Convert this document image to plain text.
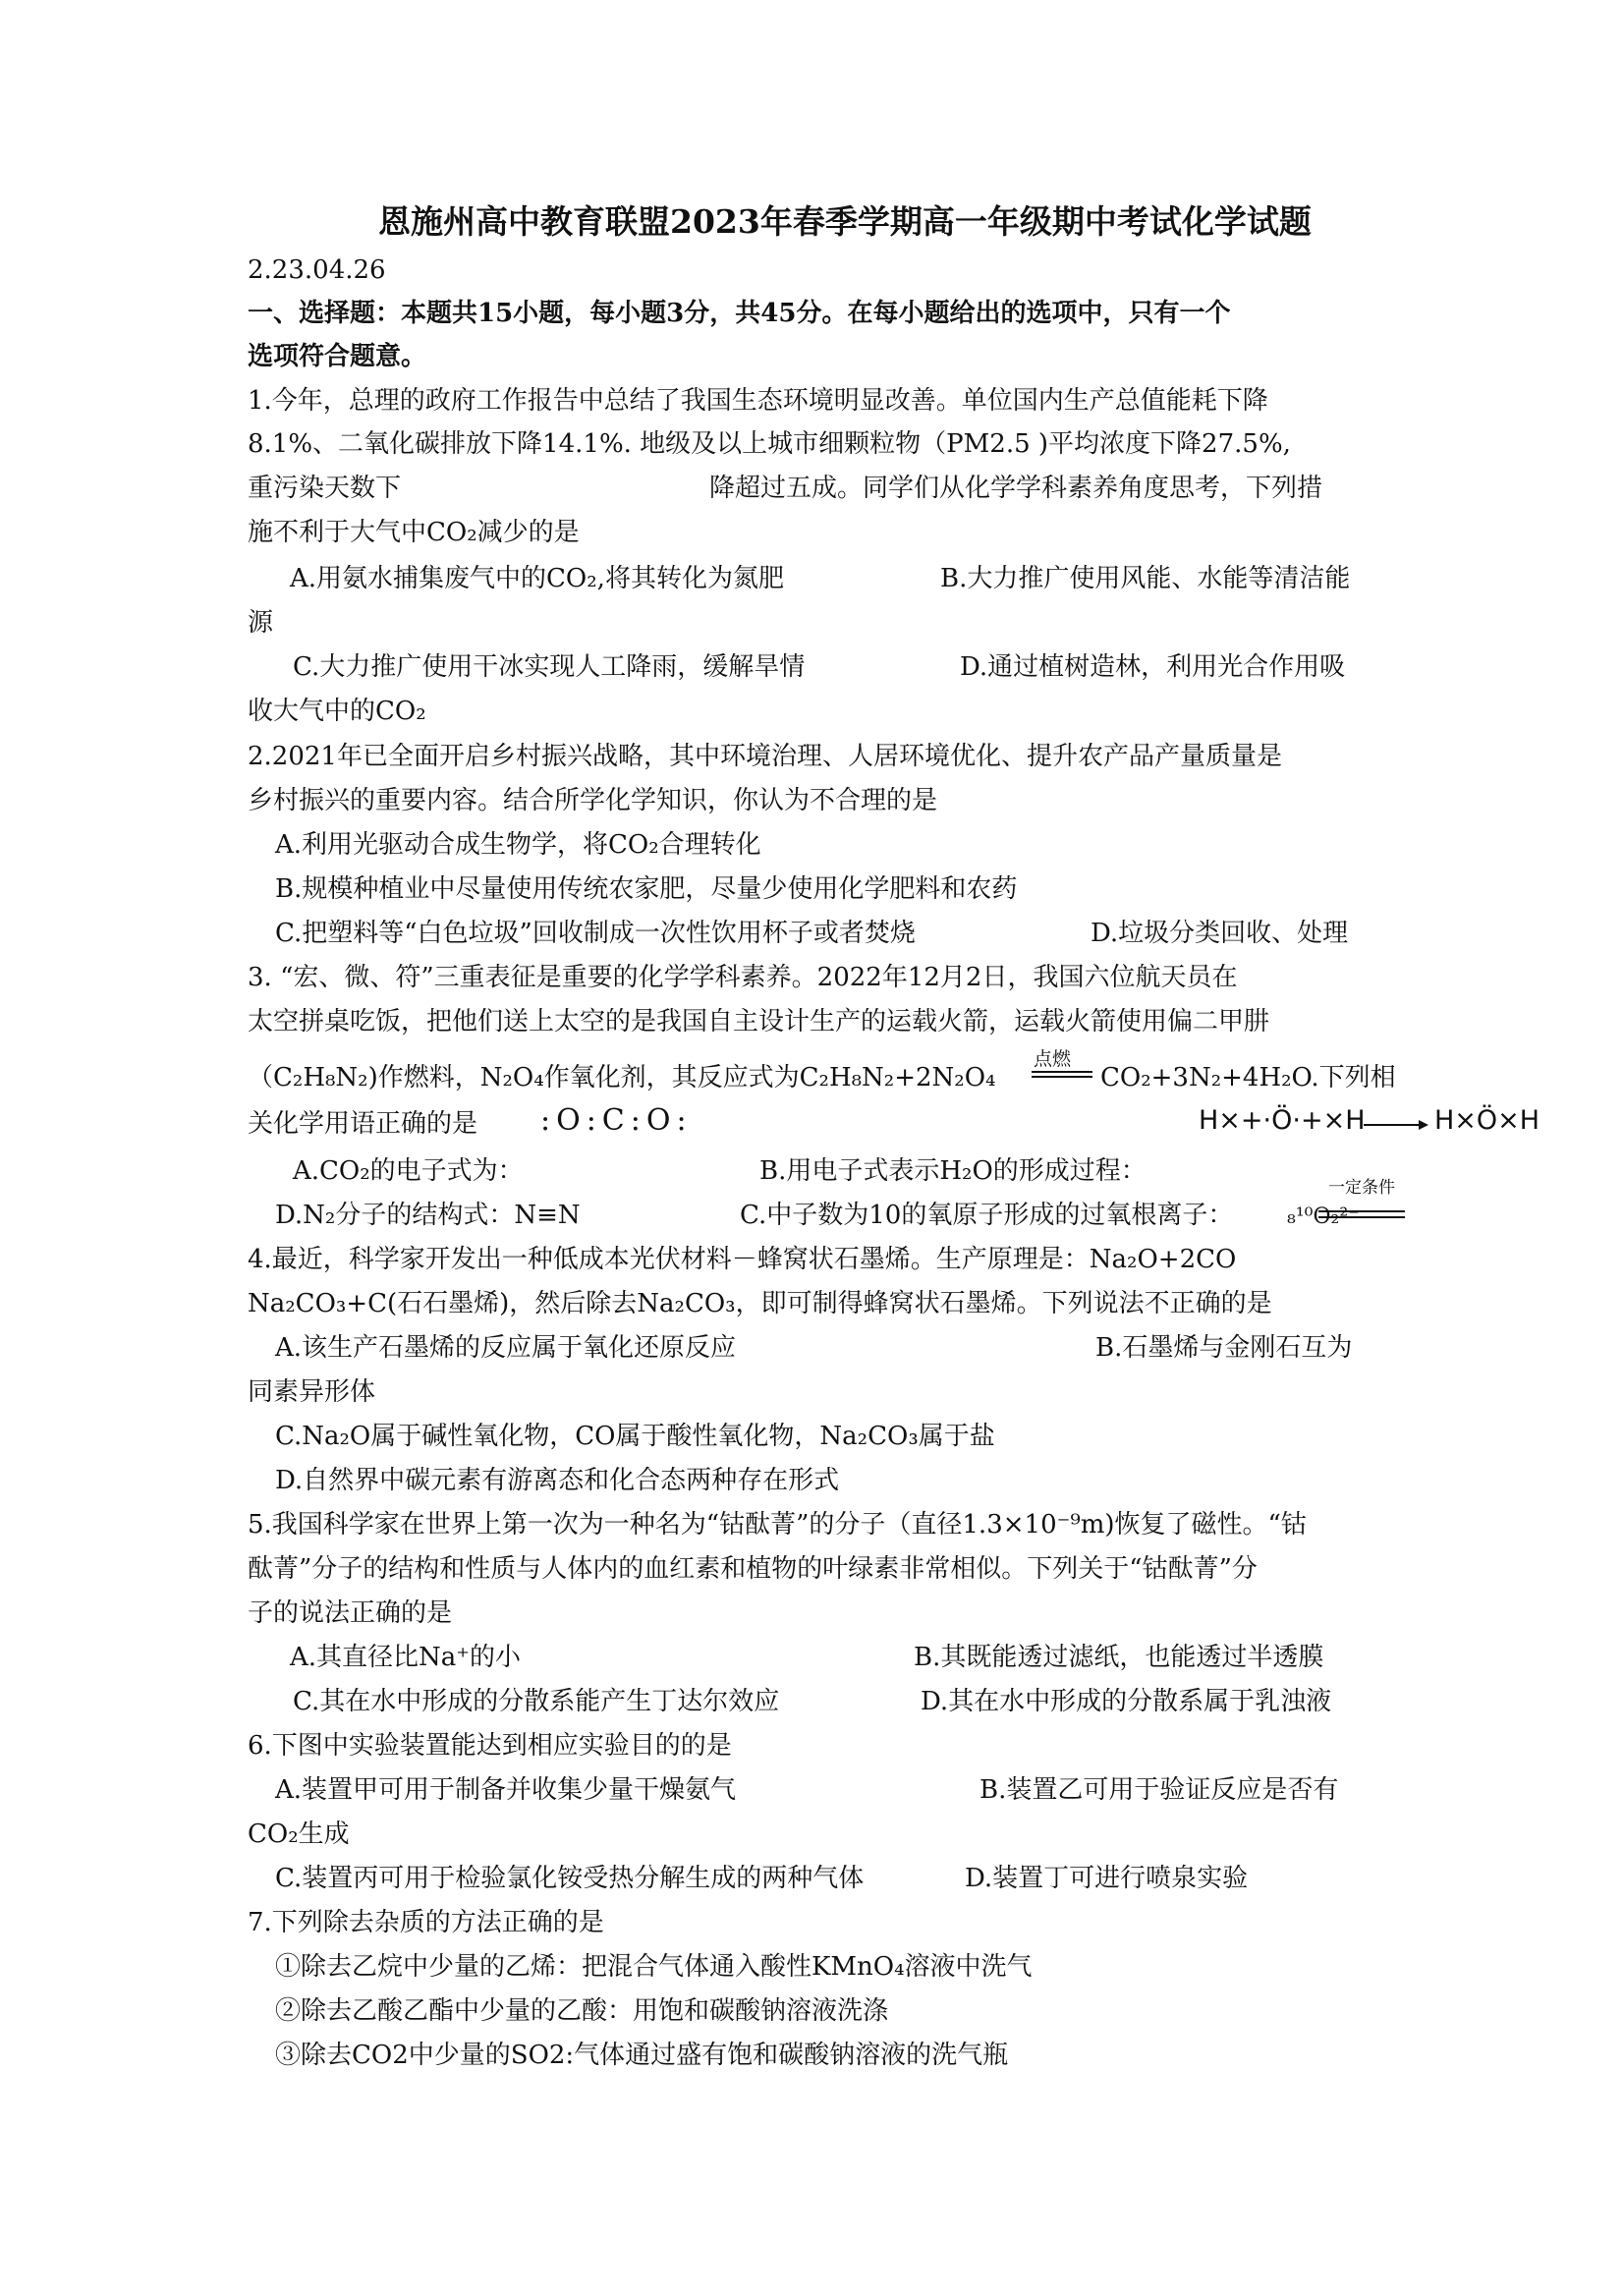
恩施州高中教育联盟2023年春季学期高一年级期中考试化学试题
2.23.04.26
一、选择题：本题共15小题，每小题3分，共45分。在每小题给出的选项中，只有一个
选项符合题意。
1.今年，总理的政府工作报告中总结了我国生态环境明显改善。单位国内生产总值能耗下降
8.1%、二氧化碳排放下降14.1%. 地级及以上城市细颗粒物（PM2.5 )平均浓度下降27.5%,
重污染天数下	降超过五成。同学们从化学学科素养角度思考，下列措
施不利于大气中CO₂减少的是
A.用氨水捕集废气中的CO₂,将其转化为氮肥	B.大力推广使用风能、水能等清洁能
源
C.大力推广使用干冰实现人工降雨，缓解旱情	D.通过植树造林，利用光合作用吸
收大气中的CO₂
2.2021年已全面开启乡村振兴战略，其中环境治理、人居环境优化、提升农产品产量质量是
乡村振兴的重要内容。结合所学化学知识，你认为不合理的是
A.利用光驱动合成生物学，将CO₂合理转化
B.规模种植业中尽量使用传统农家肥，尽量少使用化学肥料和农药
C.把塑料等“白色垃圾”回收制成一次性饮用杯子或者焚烧	D.垃圾分类回收、处理
3. “宏、微、符”三重表征是重要的化学学科素养。2022年12月2日，我国六位航天员在
太空拼桌吃饭，把他们送上太空的是我国自主设计生产的运载火箭，运载火箭使用偏二甲肼
（C₂H₈N₂)作燃料，N₂O₄作氧化剂，其反应式为C₂H₈N₂+2N₂O₄
点燃
CO₂+3N₂+4H₂O.下列相
关化学用语正确的是 :O:C:O:	H×+·Ö·+×H	H×Ö×H
A.CO₂的电子式为：	B.用电子式表示H₂O的形成过程：
D.N₂分子的结构式：N≡N	C.中子数为10的氧原子形成的过氧根离子： ₈¹⁰O₂²⁻
一定条件
4.最近，科学家开发出一种低成本光伏材料－蜂窝状石墨烯。生产原理是：Na₂O+2CO
Na₂CO₃+C(石石墨烯)，然后除去Na₂CO₃，即可制得蜂窝状石墨烯。下列说法不正确的是
A.该生产石墨烯的反应属于氧化还原反应	B.石墨烯与金刚石互为
同素异形体
C.Na₂O属于碱性氧化物，CO属于酸性氧化物，Na₂CO₃属于盐
D.自然界中碳元素有游离态和化合态两种存在形式
5.我国科学家在世界上第一次为一种名为“钴酞菁”的分子（直径1.3×10⁻⁹m)恢复了磁性。“钴
酞菁”分子的结构和性质与人体内的血红素和植物的叶绿素非常相似。下列关于“钴酞菁”分
子的说法正确的是
A.其直径比Na⁺的小	B.其既能透过滤纸，也能透过半透膜
C.其在水中形成的分散系能产生丁达尔效应	D.其在水中形成的分散系属于乳浊液
6.下图中实验装置能达到相应实验目的的是
A.装置甲可用于制备并收集少量干燥氨气	B.装置乙可用于验证反应是否有
CO₂生成
C.装置丙可用于检验氯化铵受热分解生成的两种气体	D.装置丁可进行喷泉实验
7.下列除去杂质的方法正确的是
①除去乙烷中少量的乙烯：把混合气体通入酸性KMnO₄溶液中洗气
②除去乙酸乙酯中少量的乙酸：用饱和碳酸钠溶液洗涤
③除去CO2中少量的SO2:气体通过盛有饱和碳酸钠溶液的洗气瓶
